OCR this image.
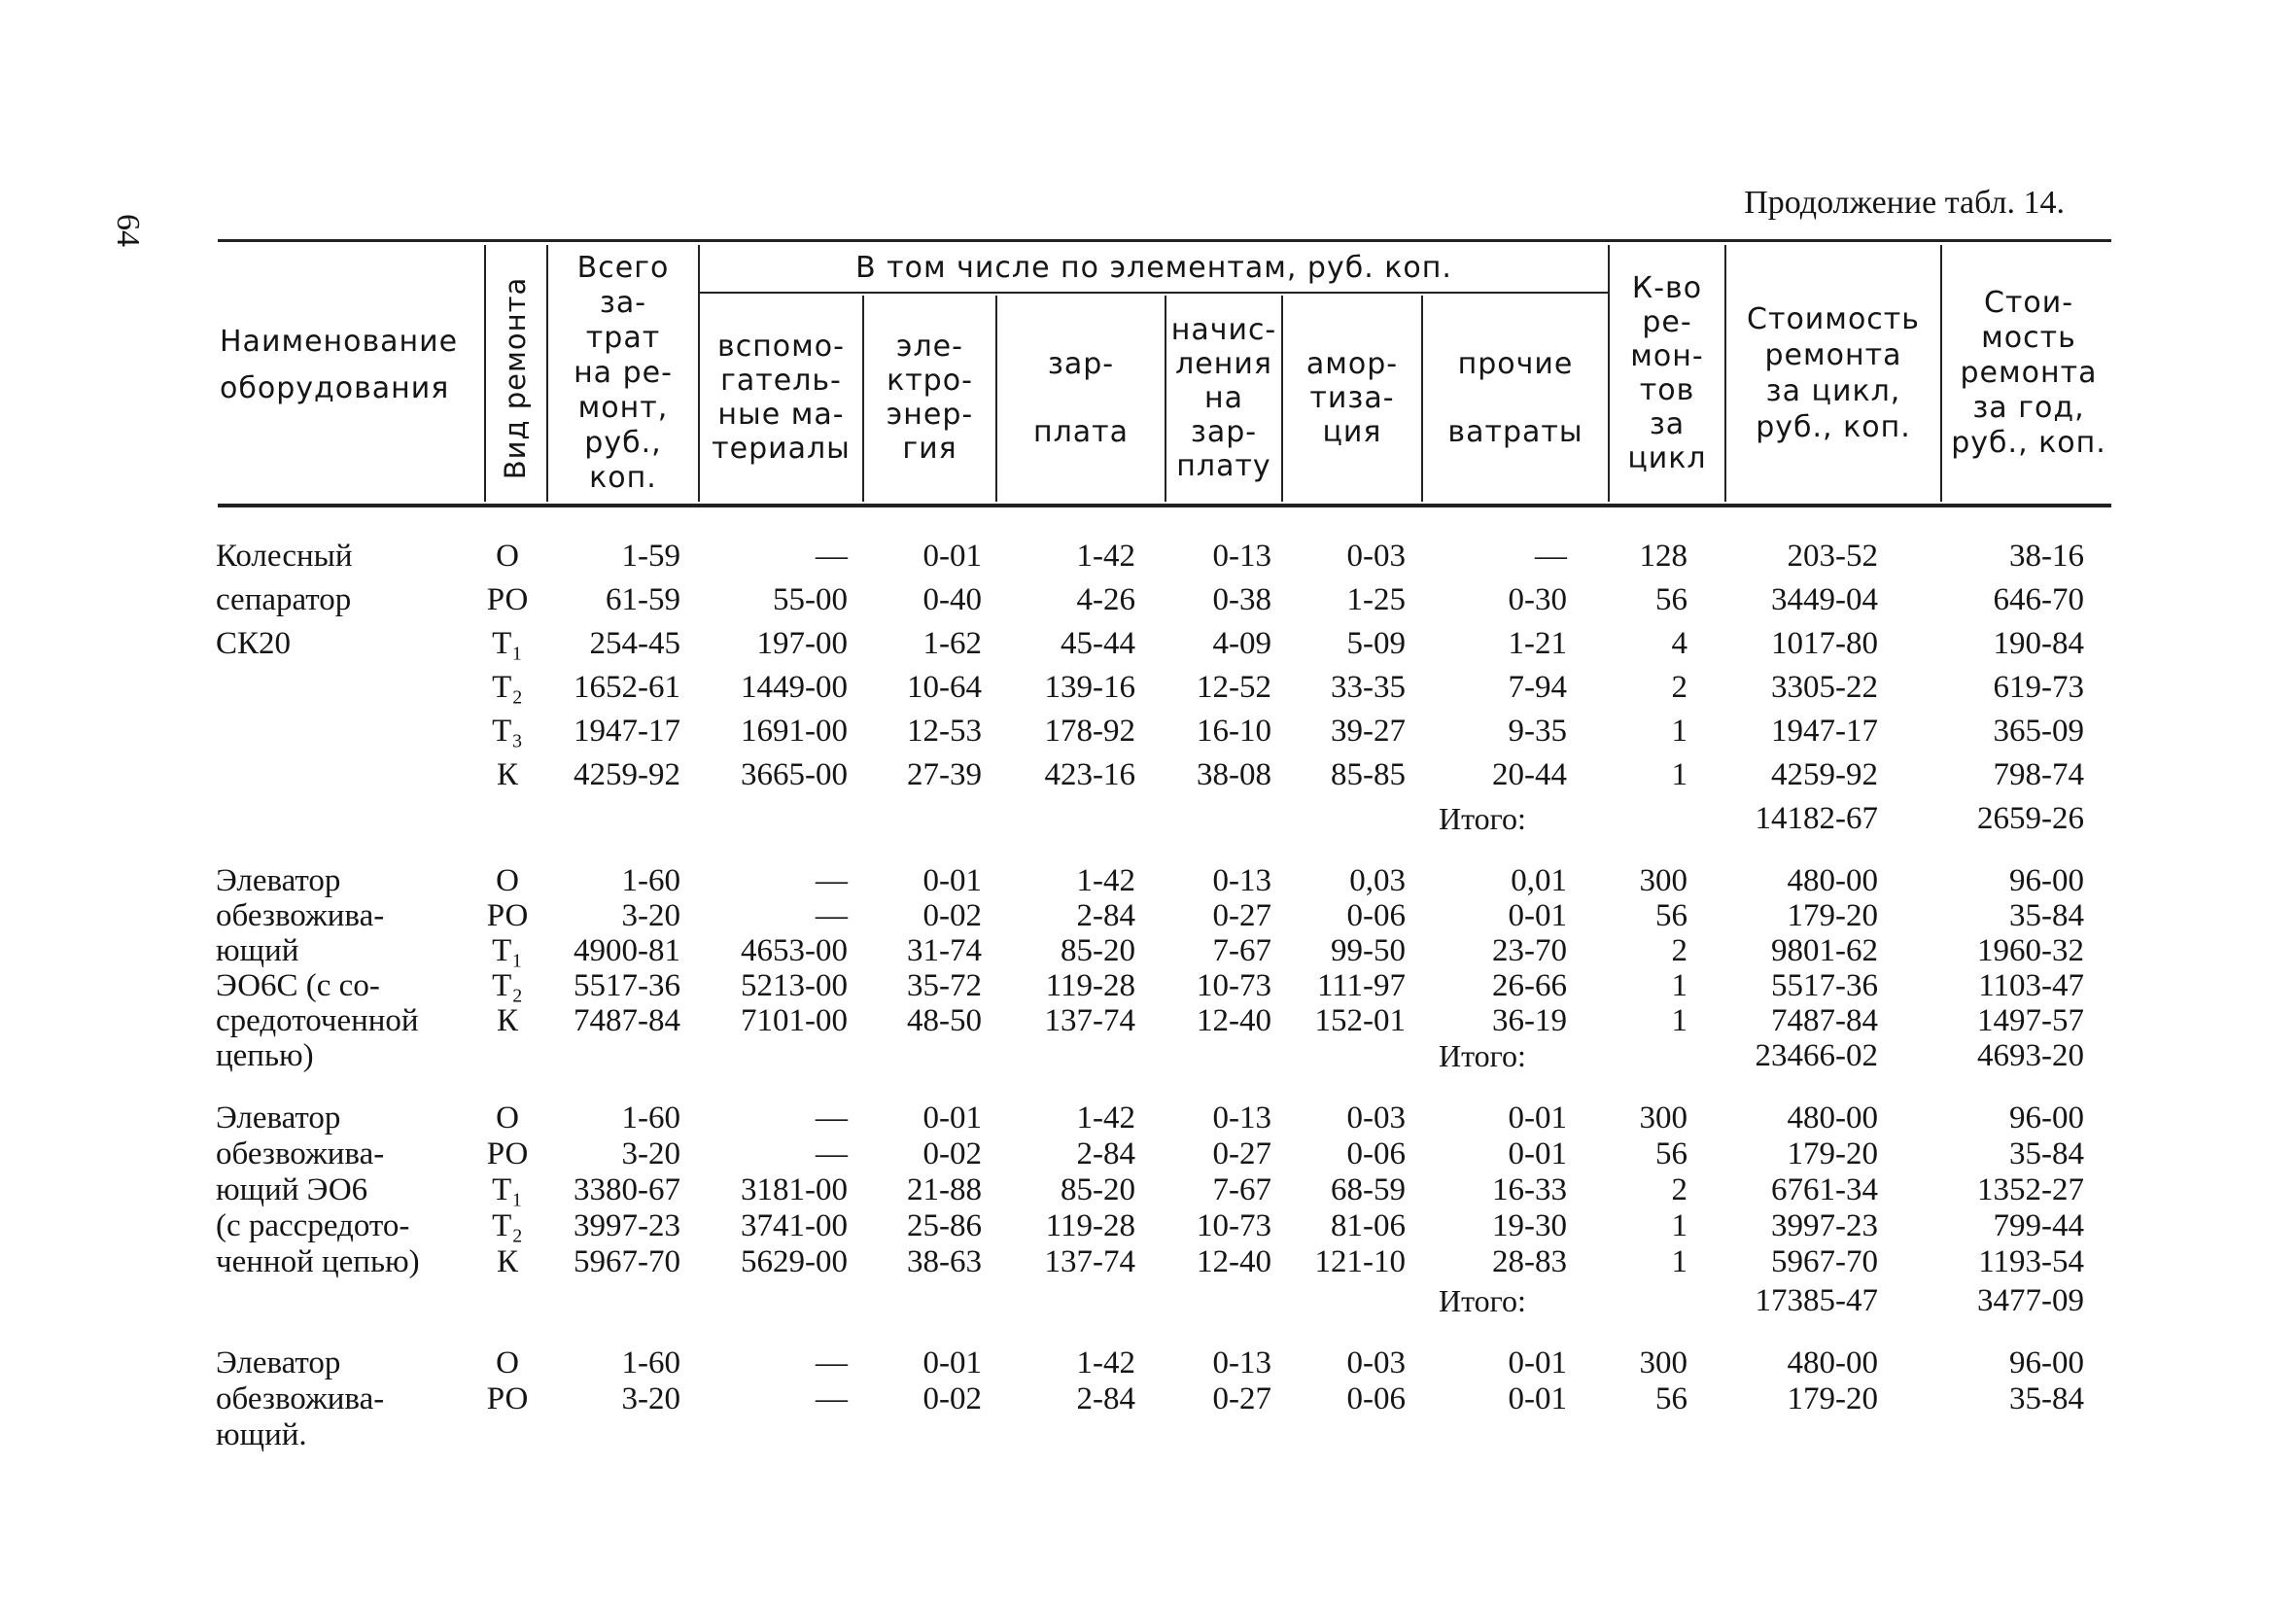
64
Продолжение табл. 14.
Наименование
оборудования	Вид ремонта
Всего
за-
трат
на ре-
монт,
руб.,
коп.
В том числе по элементам, руб. коп.
вспомо-
гатель-
ные ма-
териалы
эле-
ктро-
энер-
гия
зар-

плата
начис-
ления
на
зар-
плату
амор-
тиза-
ция
прочие

ватраты
К-во
ре-
мон-
тов
за
цикл
Стоимость
ремонта
за цикл,
руб., коп.
Стои-
мость
ремонта
за год,
руб., коп.
Колесный
сепаратор
СК20
О	1-59	— 0-01	1-42 0-13 0-03	— 128	203-52	38-16
РО 61-59	55-00 0-40	4-26 0-38 1-25	0-30	56	3449-04	646-70
Т₁	254-45 197-00 1-62 45-44 4-09 5-09	1-21	4	1017-80	190-84
Т₂	1652-61 1449-00 10-64 139-16 12-52 33-35	7-94	2	3305-22	619-73
Т₃	1947-17 1691-00 12-53 178-92 16-10 39-27	9-35	1	1947-17	365-09
К	4259-92 3665-00 27-39 423-16 38-08 85-85	20-44	1	4259-92	798-74
Итого:	14182-67	2659-26
Элеватор
обезвожива-
ющий
ЭО6С (с со-
средоточенной
цепью)
О	1-60	— 0-01	1-42 0-13 0,03	0,01 300	480-00	96-00
РО	3-20	— 0-02	2-84 0-27 0-06	0-01	56	179-20	35-84
Т₁	4900-81 4653-00 31-74 85-20 7-67 99-50	23-70	2	9801-62	1960-32
Т₂	5517-36 5213-00 35-72 119-28 10-73 111-97	26-66	1	5517-36	1103-47
К	7487-84 7101-00 48-50 137-74 12-40 152-01	36-19	1	7487-84	1497-57
Итого:	23466-02	4693-20
Элеватор
обезвожива-
ющий ЭО6
(с рассредото-
ченной цепью)
О	1-60	— 0-01	1-42 0-13 0-03	0-01 300	480-00	96-00
РО	3-20	— 0-02	2-84 0-27 0-06	0-01	56	179-20	35-84
Т₁	3380-67 3181-00 21-88 85-20 7-67 68-59	16-33	2	6761-34	1352-27
Т₂	3997-23 3741-00 25-86 119-28 10-73 81-06	19-30	1	3997-23	799-44
К	5967-70 5629-00 38-63 137-74 12-40 121-10	28-83	1	5967-70	1193-54
Итого:	17385-47	3477-09
Элеватор
обезвожива-
ющий.
О	1-60	— 0-01	1-42 0-13 0-03	0-01 300	480-00	96-00
РО	3-20	— 0-02	2-84 0-27 0-06	0-01	56	179-20	35-84
